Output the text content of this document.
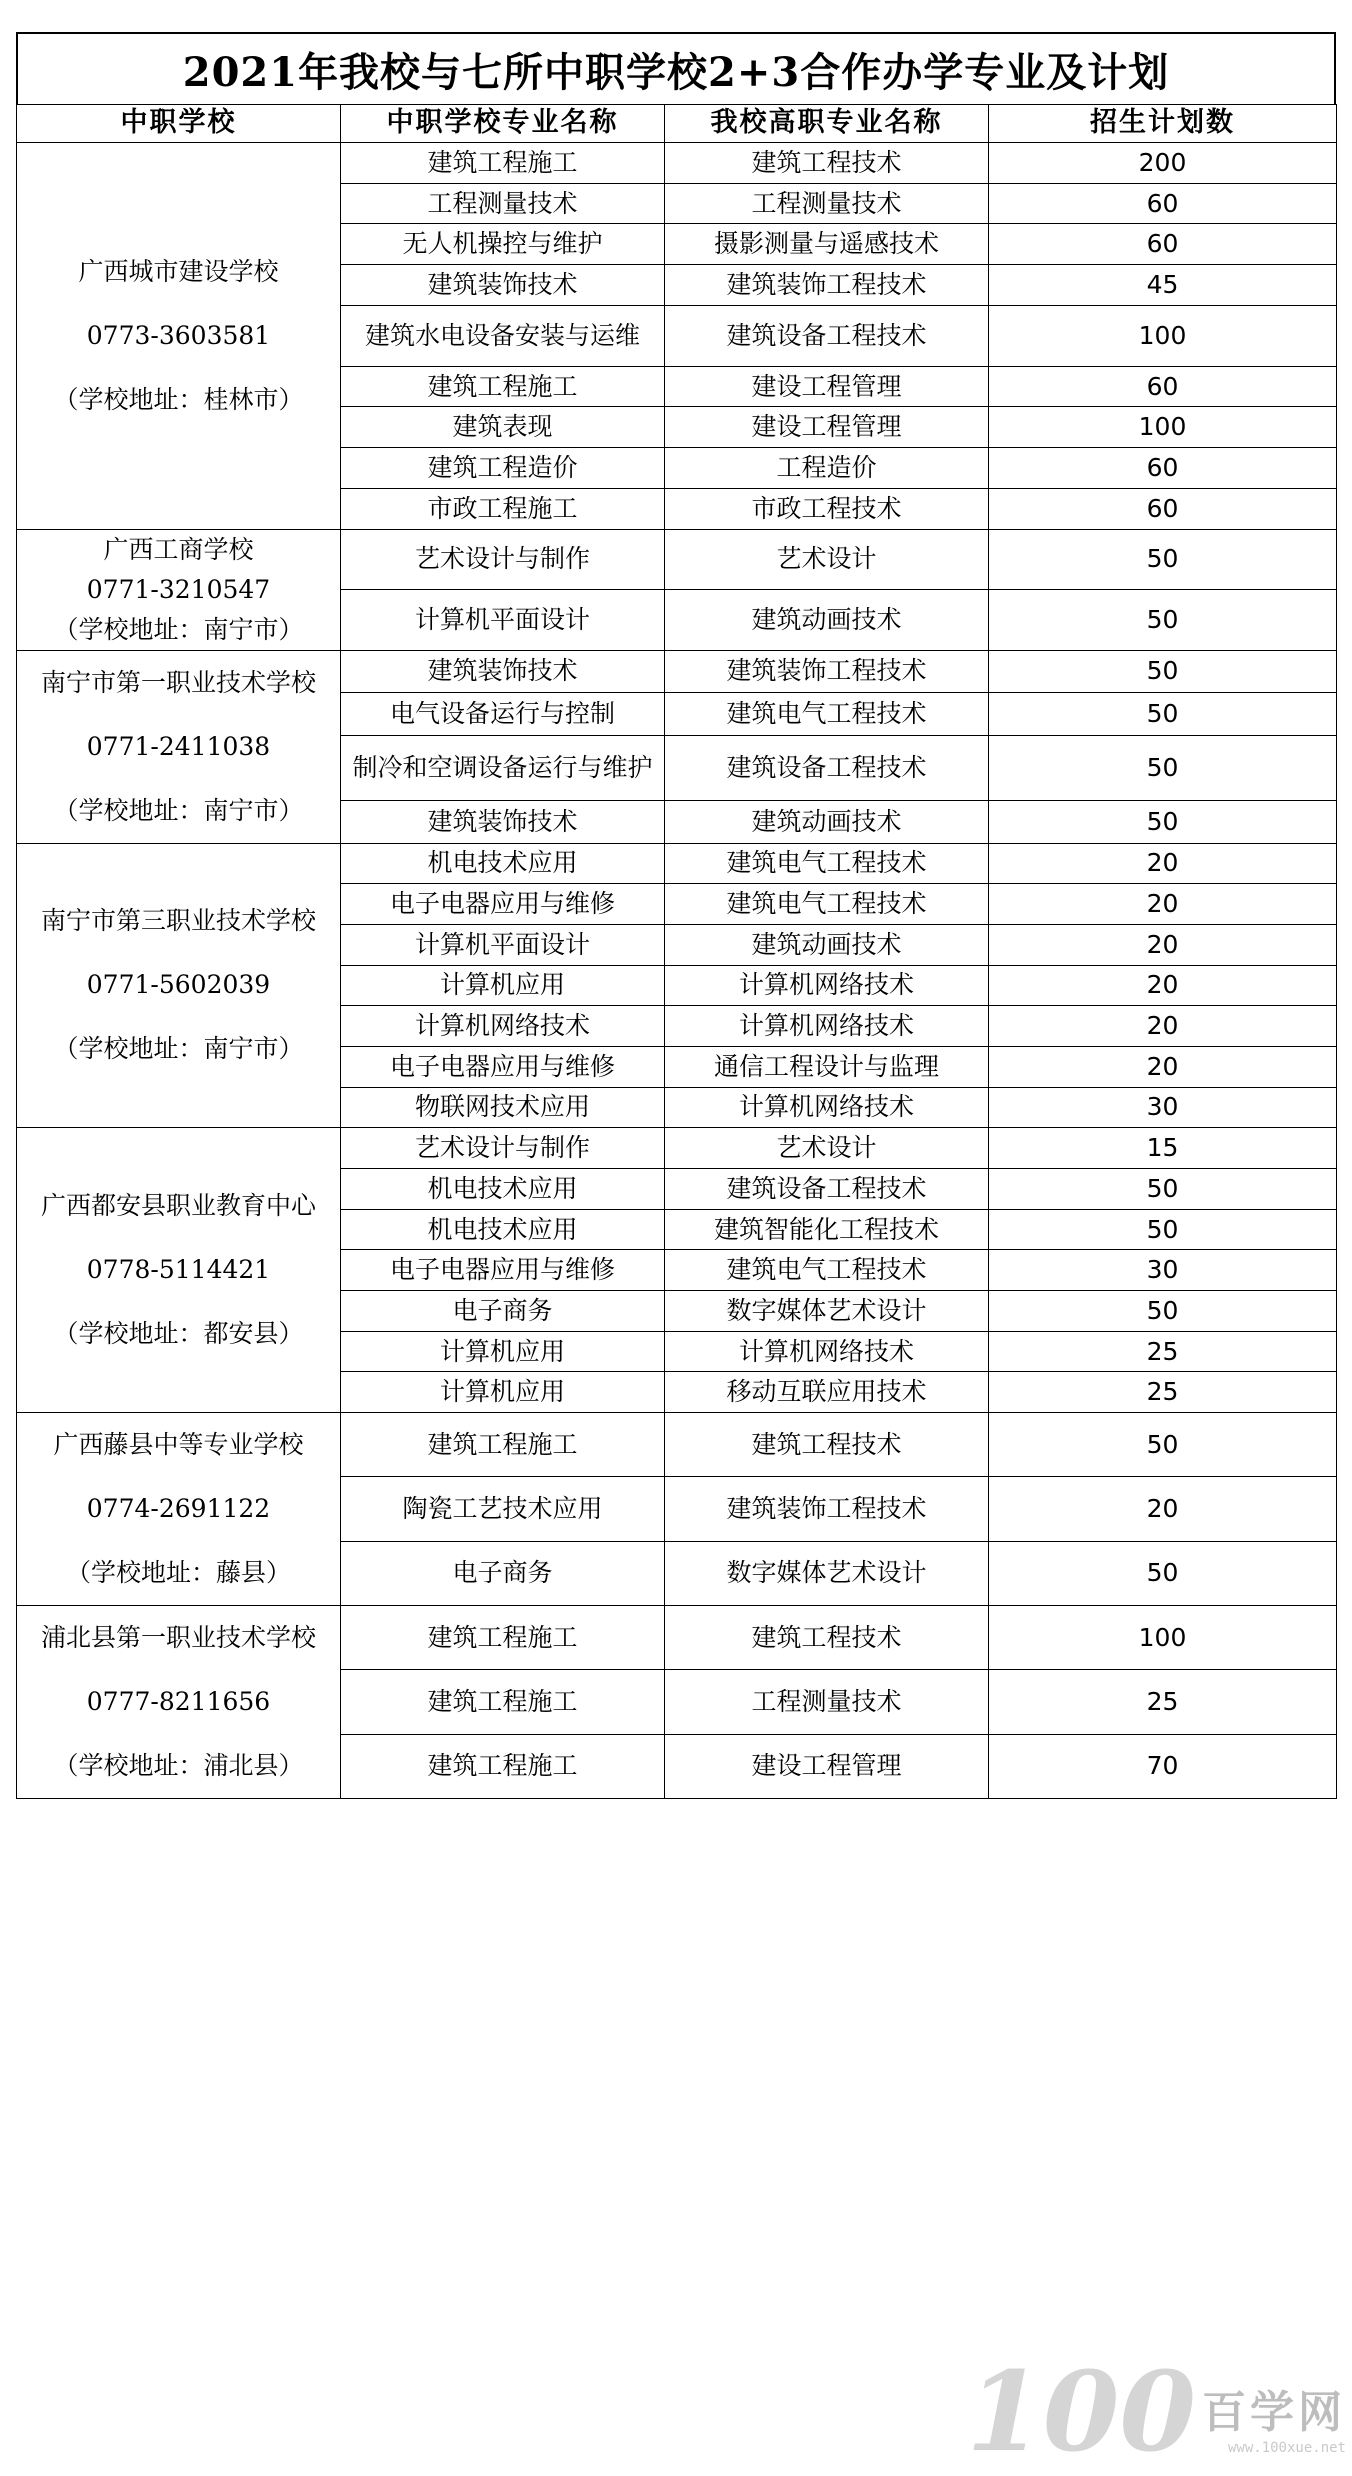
2021年我校与七所中职学校2+3合作办学专业及计划
中职学校	中职学校专业名称	我校高职专业名称	招生计划数

广西城市建设学校
0773-3603581
（学校地址：桂林市）	建筑工程施工	建筑工程技术	200
	工程测量技术	工程测量技术	60
	无人机操控与维护	摄影测量与遥感技术	60
	建筑装饰技术	建筑装饰工程技术	45
	建筑水电设备安装与运维	建筑设备工程技术	100
	建筑工程施工	建设工程管理	60
	建筑表现	建设工程管理	100
	建筑工程造价	工程造价	60
	市政工程施工	市政工程技术	60

广西工商学校
0771-3210547
（学校地址：南宁市）	艺术设计与制作	艺术设计	50
	计算机平面设计	建筑动画技术	50

南宁市第一职业技术学校
0771-2411038
（学校地址：南宁市）	建筑装饰技术	建筑装饰工程技术	50
	电气设备运行与控制	建筑电气工程技术	50
	制冷和空调设备运行与维护	建筑设备工程技术	50
	建筑装饰技术	建筑动画技术	50

南宁市第三职业技术学校
0771-5602039
（学校地址：南宁市）	机电技术应用	建筑电气工程技术	20
	电子电器应用与维修	建筑电气工程技术	20
	计算机平面设计	建筑动画技术	20
	计算机应用	计算机网络技术	20
	计算机网络技术	计算机网络技术	20
	电子电器应用与维修	通信工程设计与监理	20
	物联网技术应用	计算机网络技术	30

广西都安县职业教育中心
0778-5114421
（学校地址：都安县）	艺术设计与制作	艺术设计	15
	机电技术应用	建筑设备工程技术	50
	机电技术应用	建筑智能化工程技术	50
	电子电器应用与维修	建筑电气工程技术	30
	电子商务	数字媒体艺术设计	50
	计算机应用	计算机网络技术	25
	计算机应用	移动互联应用技术	25

广西藤县中等专业学校
0774-2691122
（学校地址：藤县）	建筑工程施工	建筑工程技术	50
	陶瓷工艺技术应用	建筑装饰工程技术	20
	电子商务	数字媒体艺术设计	50

浦北县第一职业技术学校
0777-8211656
（学校地址：浦北县）	建筑工程施工	建筑工程技术	100
	建筑工程施工	工程测量技术	25
	建筑工程施工	建设工程管理	70
100 百学网
www.100xue.net
